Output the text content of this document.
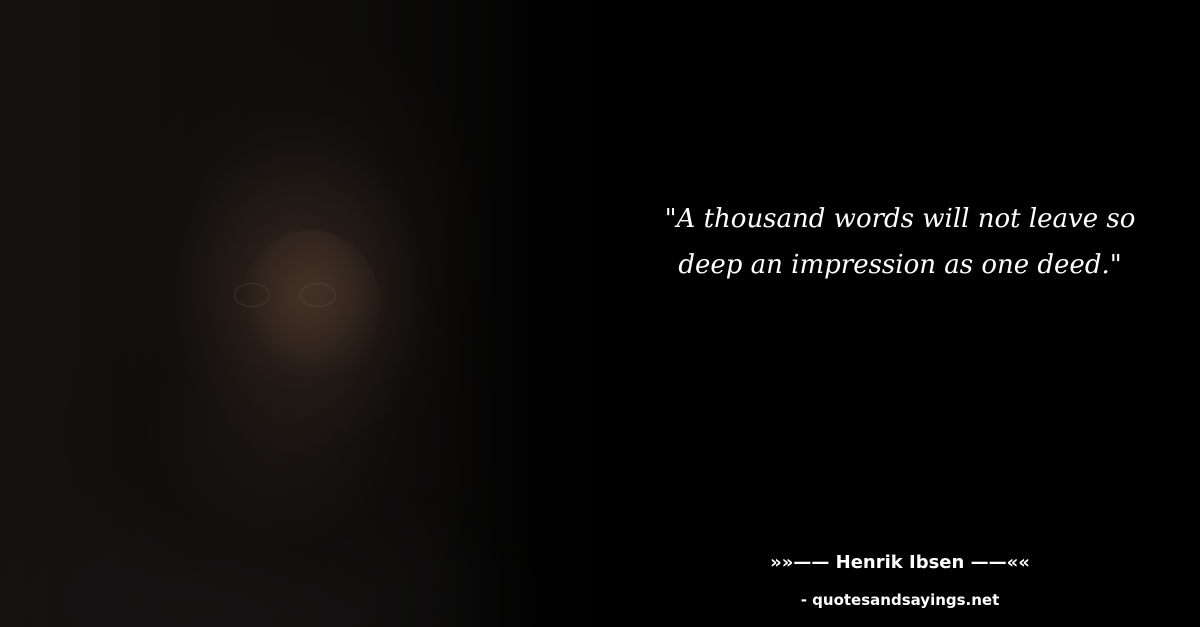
"A thousand words will not leave so deep an impression as one deed."

»»—— Henrik Ibsen ——««

- quotesandsayings.net
